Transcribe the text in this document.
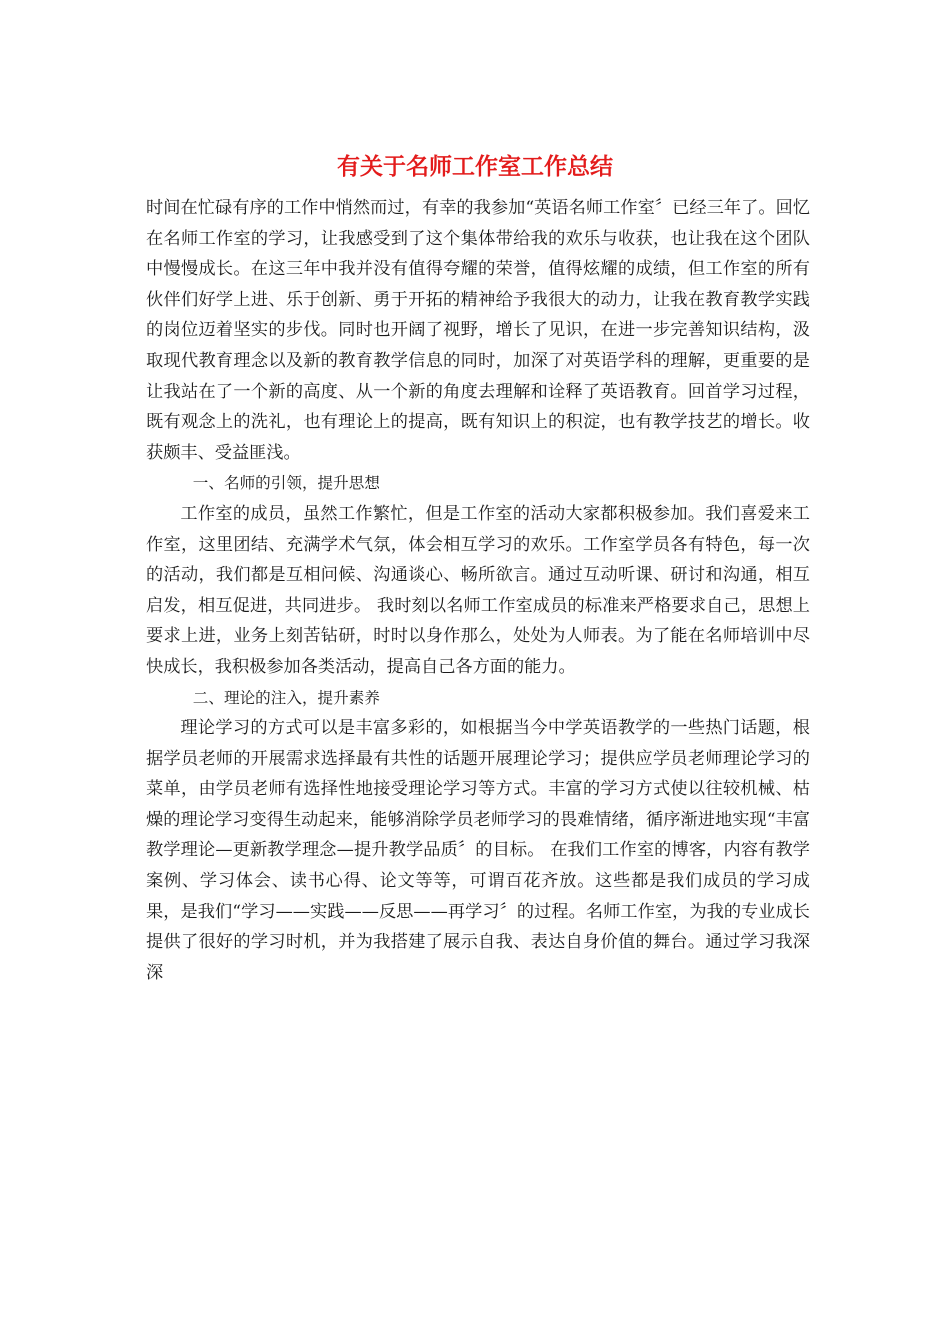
有关于名师工作室工作总结

时间在忙碌有序的工作中悄然而过，有幸的我参加“英语名师工作室〞已经三年了。回忆在名师工作室的学习，让我感受到了这个集体带给我的欢乐与收获，也让我在这个团队中慢慢成长。在这三年中我并没有值得夸耀的荣誉，值得炫耀的成绩，但工作室的所有伙伴们好学上进、乐于创新、勇于开拓的精神给予我很大的动力，让我在教育教学实践的岗位迈着坚实的步伐。同时也开阔了视野，增长了见识，在进一步完善知识结构，汲取现代教育理念以及新的教育教学信息的同时，加深了对英语学科的理解，更重要的是让我站在了一个新的高度、从一个新的角度去理解和诠释了英语教育。回首学习过程，既有观念上的洗礼，也有理论上的提高，既有知识上的积淀，也有教学技艺的增长。收获颇丰、受益匪浅。

一、名师的引领，提升思想

工作室的成员，虽然工作繁忙，但是工作室的活动大家都积极参加。我们喜爱来工作室，这里团结、充满学术气氛，体会相互学习的欢乐。工作室学员各有特色，每一次的活动，我们都是互相问候、沟通谈心、畅所欲言。通过互动听课、研讨和沟通，相互启发，相互促进，共同进步。 我时刻以名师工作室成员的标准来严格要求自己，思想上要求上进，业务上刻苦钻研，时时以身作那么，处处为人师表。为了能在名师培训中尽快成长，我积极参加各类活动，提高自己各方面的能力。

二、理论的注入，提升素养

理论学习的方式可以是丰富多彩的，如根据当今中学英语教学的一些热门话题，根据学员老师的开展需求选择最有共性的话题开展理论学习；提供应学员老师理论学习的菜单，由学员老师有选择性地接受理论学习等方式。丰富的学习方式使以往较机械、枯燥的理论学习变得生动起来，能够消除学员老师学习的畏难情绪，循序渐进地实现“丰富教学理论—更新教学理念—提升教学品质〞的目标。 在我们工作室的博客，内容有教学案例、学习体会、读书心得、论文等等，可谓百花齐放。这些都是我们成员的学习成果，是我们“学习——实践——反思——再学习〞的过程。名师工作室，为我的专业成长提供了很好的学习时机，并为我搭建了展示自我、表达自身价值的舞台。通过学习我深深
